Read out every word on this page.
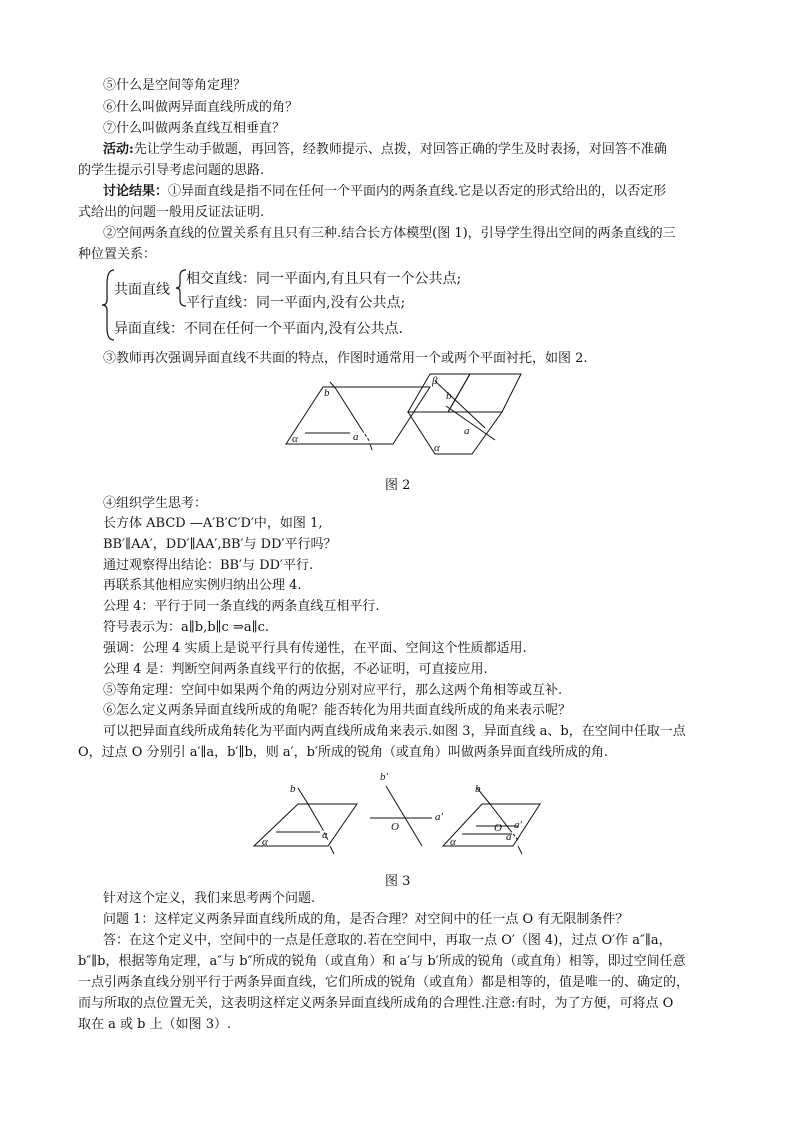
⑤什么是空间等角定理？
⑥什么叫做两异面直线所成的角？
⑦什么叫做两条直线互相垂直？
活动:先让学生动手做题，再回答，经教师提示、点拨，对回答正确的学生及时表扬，对回答不准确
的学生提示引导考虑问题的思路.
讨论结果：①异面直线是指不同在任何一个平面内的两条直线.它是以否定的形式给出的，以否定形
式给出的问题一般用反证法证明.
②空间两条直线的位置关系有且只有三种.结合长方体模型(图 1)，引导学生得出空间的两条直线的三
种位置关系：
共面直线
相交直线：同一平面内,有且只有一个公共点;
平行直线：同一平面内,没有公共点;
异面直线：不同在任何一个平面内,没有公共点.
③教师再次强调异面直线不共面的特点，作图时通常用一个或两个平面衬托，如图 2.
b
a
α
β
b
a
α
图 2
④组织学生思考：
长方体 ABCD —A′B′C′D′中，如图 1,
BB′∥AA′，DD′∥AA′,BB′与 DD′平行吗？
通过观察得出结论：BB′与 DD′平行.
再联系其他相应实例归纳出公理 4.
公理 4：平行于同一条直线的两条直线互相平行.
符号表示为：a∥b,b∥c ⇒a∥c.
强调：公理 4 实质上是说平行具有传递性，在平面、空间这个性质都适用.
公理 4 是：判断空间两条直线平行的依据，不必证明，可直接应用.
⑤等角定理：空间中如果两个角的两边分别对应平行，那么这两个角相等或互补.
⑥怎么定义两条异面直线所成的角呢？能否转化为用共面直线所成的角来表示呢？
可以把异面直线所成角转化为平面内两直线所成角来表示.如图 3，异面直线 a、b，在空间中任取一点
O，过点 O 分别引 a′∥a，b′∥b，则 a′，b′所成的锐角（或直角）叫做两条异面直线所成的角.
b
a
α
b′
a′
O
b
O a′
a
α
图 3
针对这个定义，我们来思考两个问题.
问题 1：这样定义两条异面直线所成的角，是否合理？对空间中的任一点 O 有无限制条件？
答：在这个定义中，空间中的一点是任意取的.若在空间中，再取一点 O′（图 4)，过点 O′作 a″∥a，
b″∥b，根据等角定理，a″与 b″所成的锐角（或直角）和 a′与 b′所成的锐角（或直角）相等，即过空间任意
一点引两条直线分别平行于两条异面直线，它们所成的锐角（或直角）都是相等的，值是唯一的、确定的，
而与所取的点位置无关，这表明这样定义两条异面直线所成角的合理性.注意:有时，为了方便，可将点 O
取在 a 或 b 上（如图 3）.
